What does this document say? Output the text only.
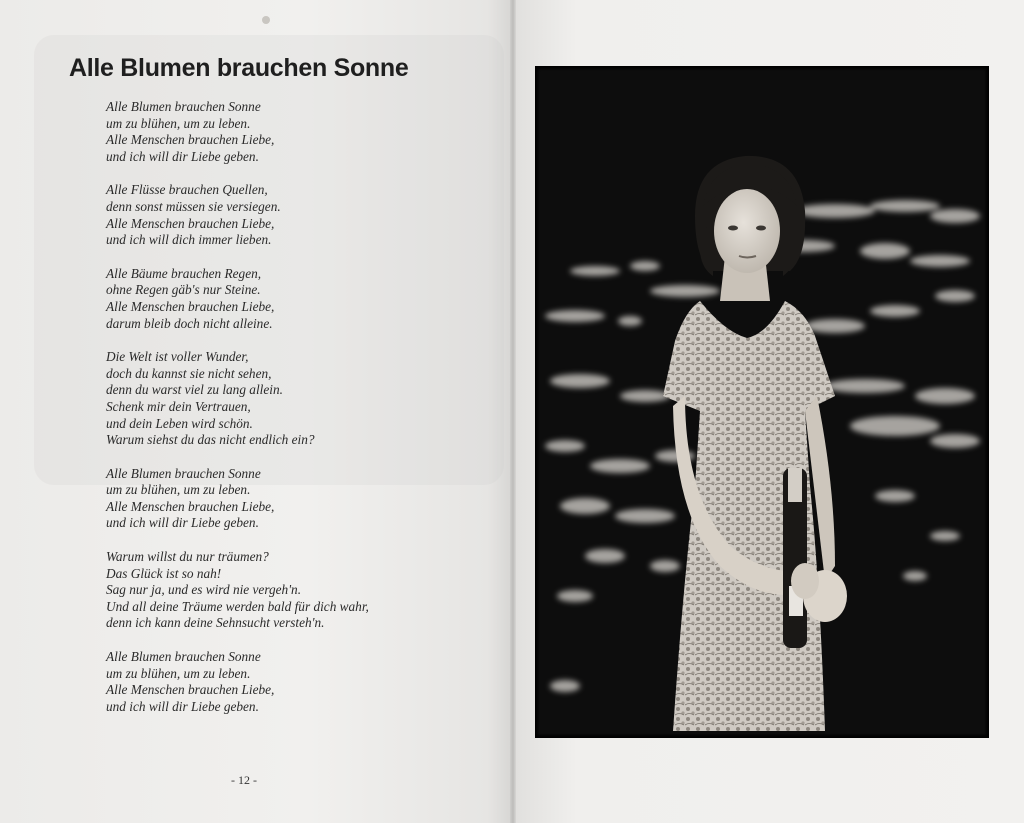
Alle Blumen brauchen Sonne
Alle Blumen brauchen Sonne
um zu blühen, um zu leben.
Alle Menschen brauchen Liebe,
und ich will dir Liebe geben.
Alle Flüsse brauchen Quellen,
denn sonst müssen sie versiegen.
Alle Menschen brauchen Liebe,
und ich will dich immer lieben.
Alle Bäume brauchen Regen,
ohne Regen gäb's nur Steine.
Alle Menschen brauchen Liebe,
darum bleib doch nicht alleine.
Die Welt ist voller Wunder,
doch du kannst sie nicht sehen,
denn du warst viel zu lang allein.
Schenk mir dein Vertrauen,
und dein Leben wird schön.
Warum siehst du das nicht endlich ein?
Alle Blumen brauchen Sonne
um zu blühen, um zu leben.
Alle Menschen brauchen Liebe,
und ich will dir Liebe geben.
Warum willst du nur träumen?
Das Glück ist so nah!
Sag nur ja, und es wird nie vergeh'n.
Und all deine Träume werden bald für dich wahr,
denn ich kann deine Sehnsucht versteh'n.
Alle Blumen brauchen Sonne
um zu blühen, um zu leben.
Alle Menschen brauchen Liebe,
und ich will dir Liebe geben.
- 12 -
